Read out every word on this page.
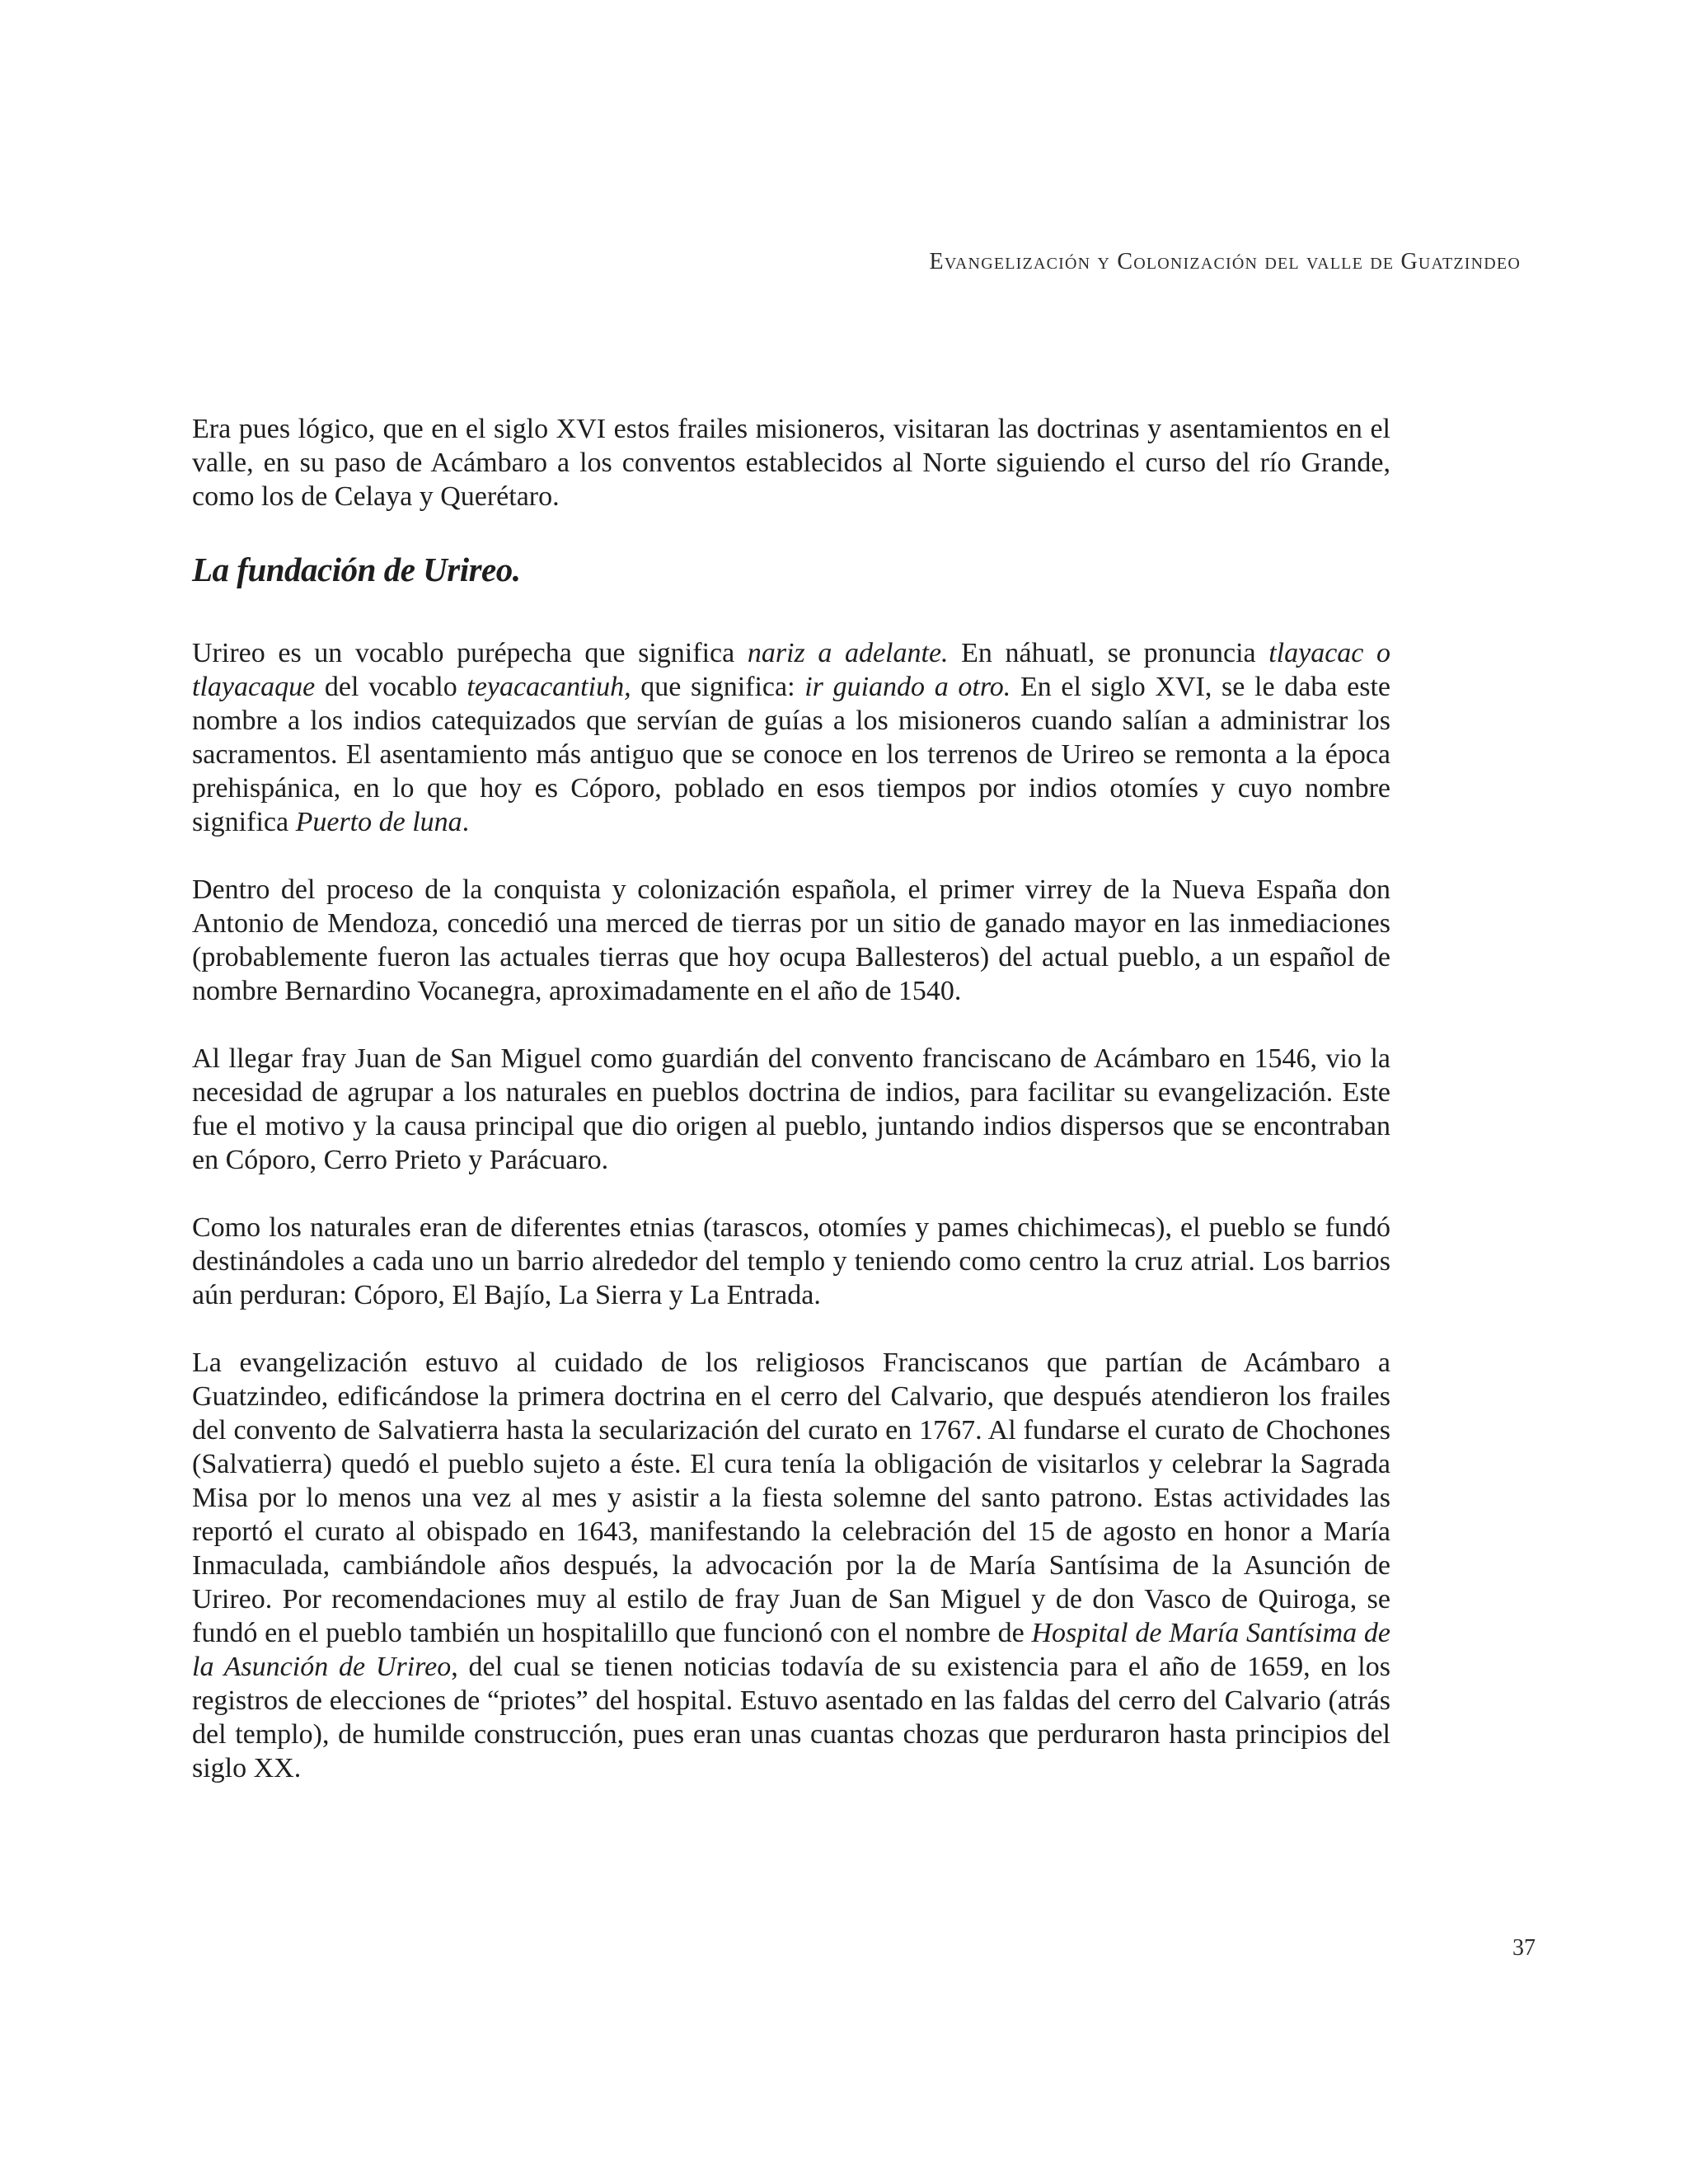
Evangelización y Colonización del valle de Guatzindeo

Era pues lógico, que en el siglo XVI estos frailes misioneros, visitaran las doctrinas y asentamientos en el valle, en su paso de Acámbaro a los conventos establecidos al Norte siguiendo el curso del río Grande, como los de Celaya y Querétaro.

La fundación de Urireo.

Urireo es un vocablo purépecha que significa nariz a adelante. En náhuatl, se pronuncia tlayacac o tlayacaque del vocablo teyacacantiuh, que significa: ir guiando a otro. En el siglo XVI, se le daba este nombre a los indios catequizados que servían de guías a los misioneros cuando salían a administrar los sacramentos. El asentamiento más antiguo que se conoce en los terrenos de Urireo se remonta a la época prehispánica, en lo que hoy es Cóporo, poblado en esos tiempos por indios otomíes y cuyo nombre significa Puerto de luna.

Dentro del proceso de la conquista y colonización española, el primer virrey de la Nueva España don Antonio de Mendoza, concedió una merced de tierras por un sitio de ganado mayor en las inmediaciones (probablemente fueron las actuales tierras que hoy ocupa Ballesteros) del actual pueblo, a un español de nombre Bernardino Vocanegra, aproximadamente en el año de 1540.

Al llegar fray Juan de San Miguel como guardián del convento franciscano de Acámbaro en 1546, vio la necesidad de agrupar a los naturales en pueblos doctrina de indios, para facilitar su evangelización. Este fue el motivo y la causa principal que dio origen al pueblo, juntando indios dispersos que se encontraban en Cóporo, Cerro Prieto y Parácuaro.

Como los naturales eran de diferentes etnias (tarascos, otomíes y pames chichimecas), el pueblo se fundó destinándoles a cada uno un barrio alrededor del templo y teniendo como centro la cruz atrial. Los barrios aún perduran: Cóporo, El Bajío, La Sierra y La Entrada.

La evangelización estuvo al cuidado de los religiosos Franciscanos que partían de Acámbaro a Guatzindeo, edificándose la primera doctrina en el cerro del Calvario, que después atendieron los frailes del convento de Salvatierra hasta la secularización del curato en 1767. Al fundarse el curato de Chochones (Salvatierra) quedó el pueblo sujeto a éste. El cura tenía la obligación de visitarlos y celebrar la Sagrada Misa por lo menos una vez al mes y asistir a la fiesta solemne del santo patrono. Estas actividades las reportó el curato al obispado en 1643, manifestando la celebración del 15 de agosto en honor a María Inmaculada, cambiándole años después, la advocación por la de María Santísima de la Asunción de Urireo. Por recomendaciones muy al estilo de fray Juan de San Miguel y de don Vasco de Quiroga, se fundó en el pueblo también un hospitalillo que funcionó con el nombre de Hospital de María Santísima de la Asunción de Urireo, del cual se tienen noticias todavía de su existencia para el año de 1659, en los registros de elecciones de “priotes” del hospital. Estuvo asentado en las faldas del cerro del Calvario (atrás del templo), de humilde construcción, pues eran unas cuantas chozas que perduraron hasta principios del siglo XX.

37
